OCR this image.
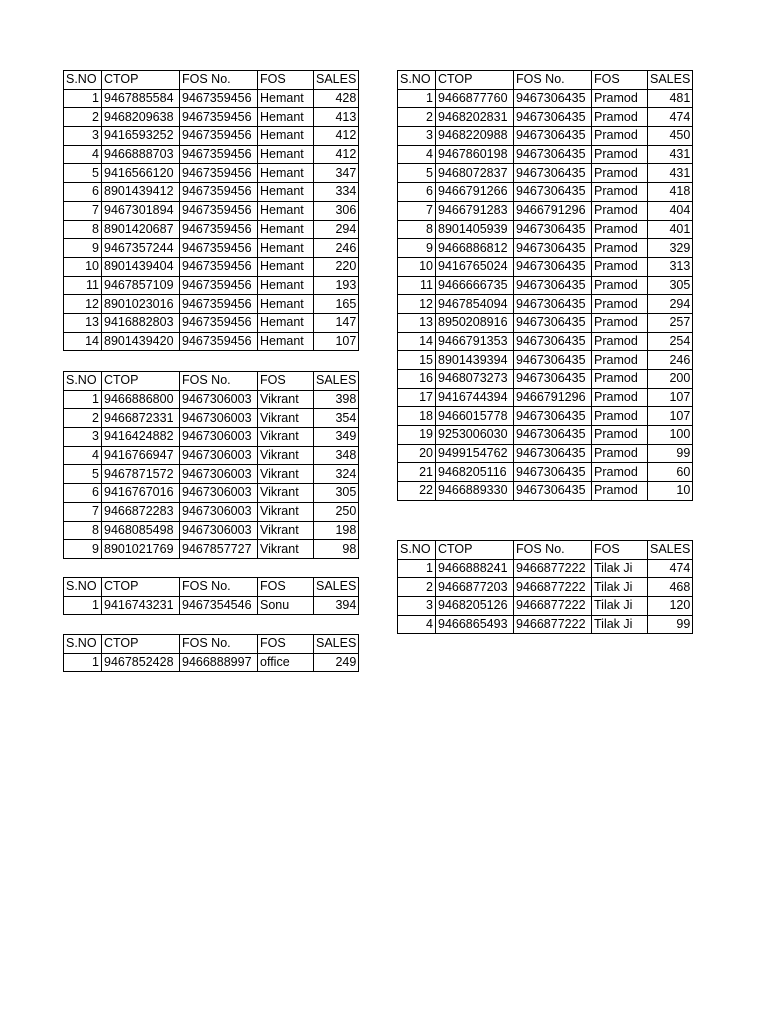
S.NO	CTOP	FOS No.	FOS	SALES
1	9467885584	9467359456	Hemant	428
2	9468209638	9467359456	Hemant	413
3	9416593252	9467359456	Hemant	412
4	9466888703	9467359456	Hemant	412
5	9416566120	9467359456	Hemant	347
6	8901439412	9467359456	Hemant	334
7	9467301894	9467359456	Hemant	306
8	8901420687	9467359456	Hemant	294
9	9467357244	9467359456	Hemant	246
10	8901439404	9467359456	Hemant	220
11	9467857109	9467359456	Hemant	193
12	8901023016	9467359456	Hemant	165
13	9416882803	9467359456	Hemant	147
14	8901439420	9467359456	Hemant	107
S.NO	CTOP	FOS No.	FOS	SALES
1	9466886800	9467306003	Vikrant	398
2	9466872331	9467306003	Vikrant	354
3	9416424882	9467306003	Vikrant	349
4	9416766947	9467306003	Vikrant	348
5	9467871572	9467306003	Vikrant	324
6	9416767016	9467306003	Vikrant	305
7	9466872283	9467306003	Vikrant	250
8	9468085498	9467306003	Vikrant	198
9	8901021769	9467857727	Vikrant	98
S.NO	CTOP	FOS No.	FOS	SALES
1	9416743231	9467354546	Sonu	394
S.NO	CTOP	FOS No.	FOS	SALES
1	9467852428	9466888997	office	249
S.NO	CTOP	FOS No.	FOS	SALES
1	9466877760	9467306435	Pramod	481
2	9468202831	9467306435	Pramod	474
3	9468220988	9467306435	Pramod	450
4	9467860198	9467306435	Pramod	431
5	9468072837	9467306435	Pramod	431
6	9466791266	9467306435	Pramod	418
7	9466791283	9466791296	Pramod	404
8	8901405939	9467306435	Pramod	401
9	9466886812	9467306435	Pramod	329
10	9416765024	9467306435	Pramod	313
11	9466666735	9467306435	Pramod	305
12	9467854094	9467306435	Pramod	294
13	8950208916	9467306435	Pramod	257
14	9466791353	9467306435	Pramod	254
15	8901439394	9467306435	Pramod	246
16	9468073273	9467306435	Pramod	200
17	9416744394	9466791296	Pramod	107
18	9466015778	9467306435	Pramod	107
19	9253006030	9467306435	Pramod	100
20	9499154762	9467306435	Pramod	99
21	9468205116	9467306435	Pramod	60
22	9466889330	9467306435	Pramod	10
S.NO	CTOP	FOS No.	FOS	SALES
1	9466888241	9466877222	Tilak Ji	474
2	9466877203	9466877222	Tilak Ji	468
3	9468205126	9466877222	Tilak Ji	120
4	9466865493	9466877222	Tilak Ji	99
